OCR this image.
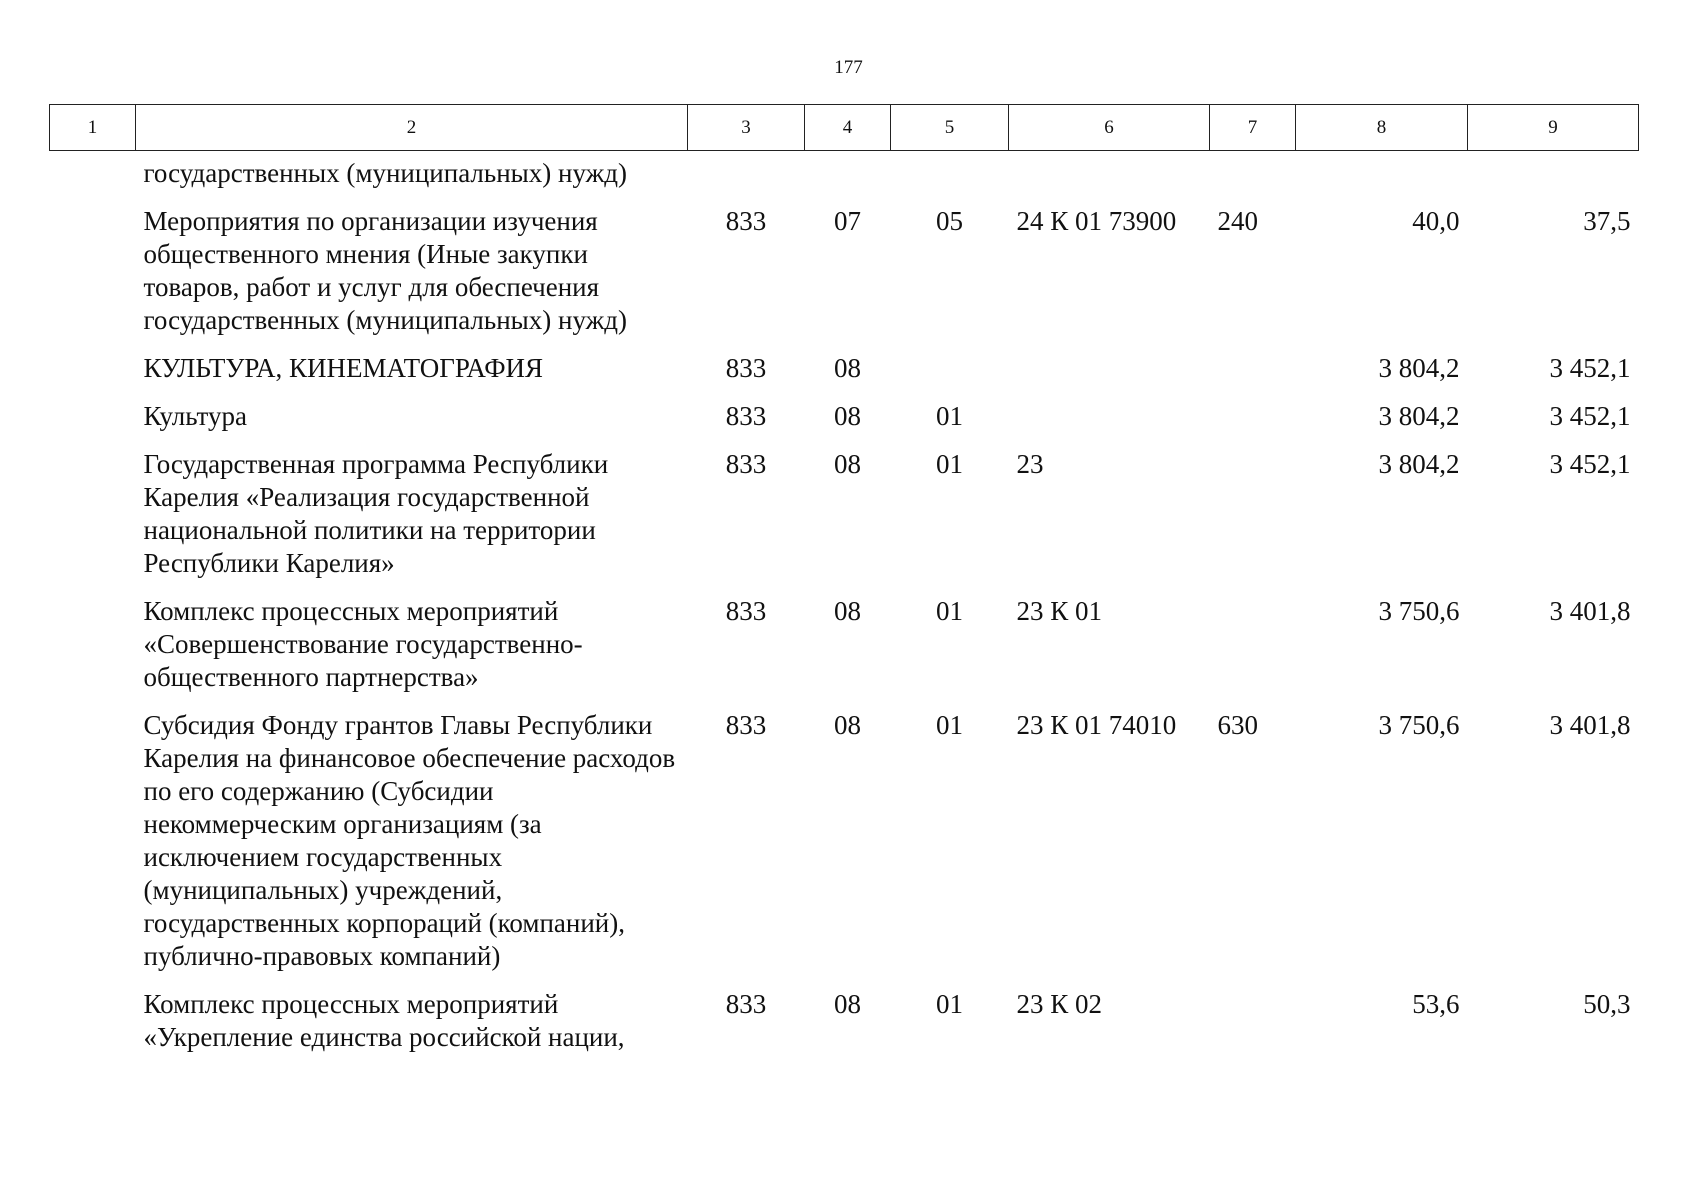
177
1	2	3	4	5	6	7	8	9
	государственных (муниципальных) нужд)							
	Мероприятия по организации изучения общественного мнения (Иные закупки товаров, работ и услуг для обеспечения государственных (муниципальных) нужд)	833	07	05	24 К 01 73900	240	40,0	37,5
	КУЛЬТУРА, КИНЕМАТОГРАФИЯ	833	08				3 804,2	3 452,1
	Культура	833	08	01			3 804,2	3 452,1
	Государственная программа Республики Карелия «Реализация государственной национальной политики на территории Республики Карелия»	833	08	01	23		3 804,2	3 452,1
	Комплекс процессных мероприятий «Совершенствование государственно-общественного партнерства»	833	08	01	23 К 01		3 750,6	3 401,8
	Субсидия Фонду грантов Главы Республики Карелия на финансовое обеспечение расходов по его содержанию (Субсидии некоммерческим организациям (за исключением государственных (муниципальных) учреждений, государственных корпораций (компаний), публично-правовых компаний)	833	08	01	23 К 01 74010	630	3 750,6	3 401,8
	Комплекс процессных мероприятий «Укрепление единства российской нации,	833	08	01	23 К 02		53,6	50,3
